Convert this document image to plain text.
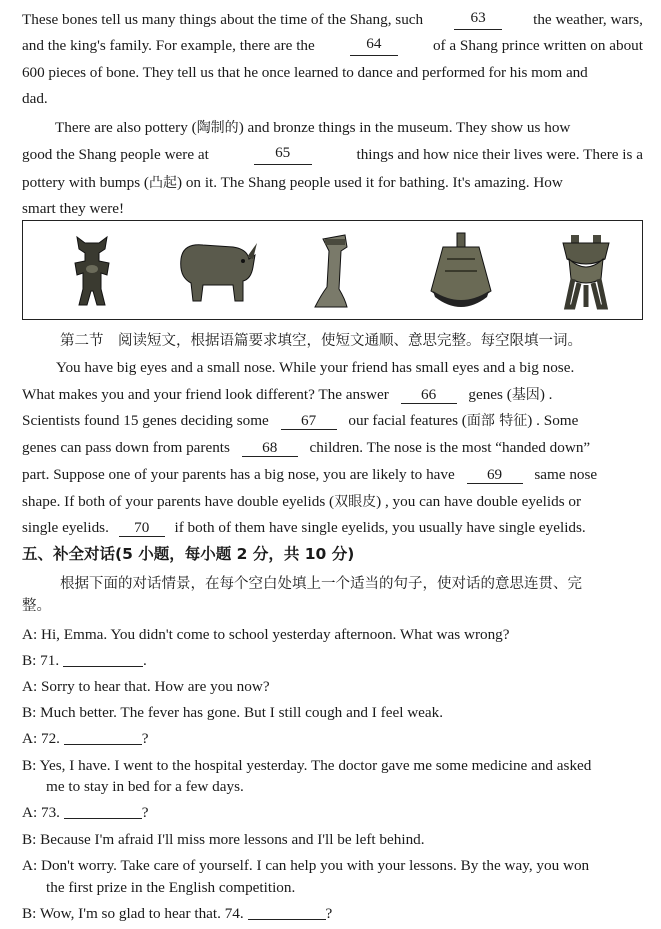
These bones tell us many things about the time of the Shang, such	63	the weather, wars,
and the king's family. For example, there are the	64	of a Shang prince written on about
600 pieces of bone. They tell us that he once learned to dance and performed for his mom and
dad.
There are also pottery (陶制的) and bronze things in the museum. They show us how
good the Shang people were at	65	things and how nice their lives were. There is a
pottery with bumps (凸起) on it. The Shang people used it for bathing. It's amazing. How
smart they were!
第二节　阅读短文，根据语篇要求填空，使短文通顺、意思完整。每空限填一词。
You have big eyes and a small nose. While your friend has small eyes and a big nose.
What makes you and your friend look different? The answer 66 genes (基因) .
Scientists found 15 genes deciding some 67 our facial features (面部 特征) . Some
genes can pass down from parents 68 children. The nose is the most “handed down”
part. Suppose one of your parents has a big nose, you are likely to have 69 same nose
shape. If both of your parents have double eyelids (双眼皮) , you can have double eyelids or
single eyelids. 70 if both of them have single eyelids, you usually have single eyelids.
五、补全对话(5 小题，每小题 2 分，共 10 分)
根据下面的对话情景，在每个空白处填上一个适当的句子，使对话的意思连贯、完
整。
A: Hi, Emma. You didn't come to school yesterday afternoon. What was wrong?
B: 71.	.
A: Sorry to hear that. How are you now?
B: Much better. The fever has gone. But I still cough and I feel weak.
A: 72.	?
B: Yes, I have. I went to the hospital yesterday. The doctor gave me some medicine and asked
me to stay in bed for a few days.
A: 73.	?
B: Because I'm afraid I'll miss more lessons and I'll be left behind.
A: Don't worry. Take care of yourself. I can help you with your lessons. By the way, you won
the first prize in the English competition.
B: Wow, I'm so glad to hear that. 74.	?
